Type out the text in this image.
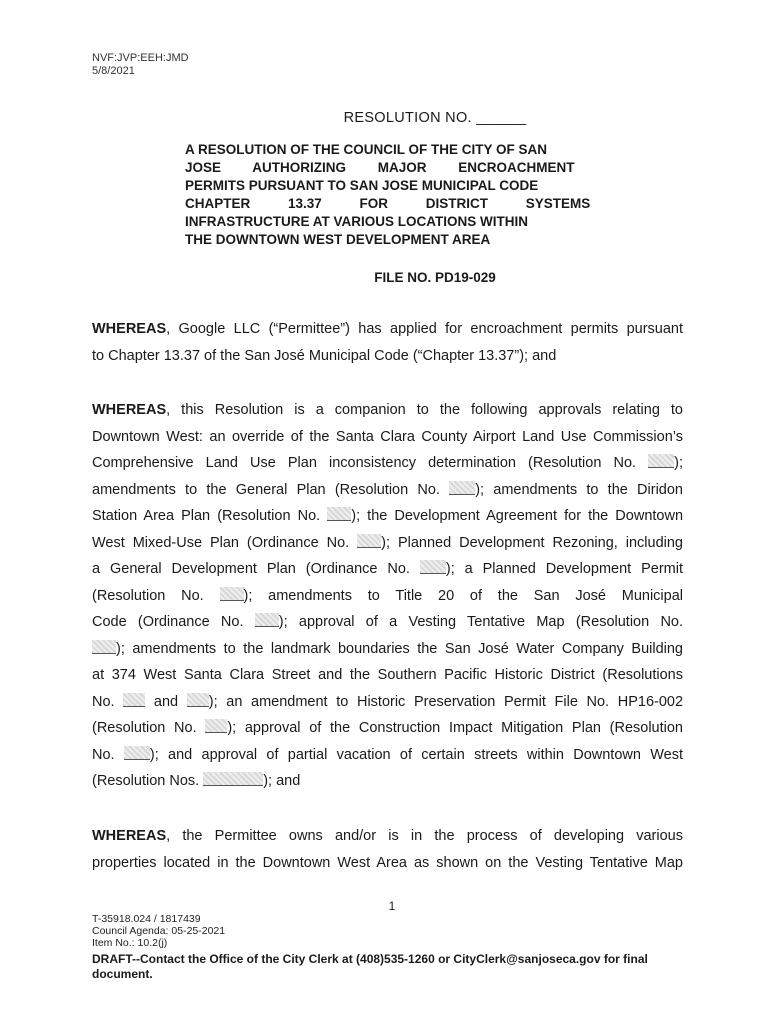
NVF:JVP:EEH:JMD
5/8/2021
RESOLUTION NO. ______
A RESOLUTION OF THE COUNCIL OF THE CITY OF SAN
JOSE AUTHORIZING MAJOR ENCROACHMENT
PERMITS PURSUANT TO SAN JOSE MUNICIPAL CODE
CHAPTER 13.37 FOR DISTRICT SYSTEMS
INFRASTRUCTURE AT VARIOUS LOCATIONS WITHIN
THE DOWNTOWN WEST DEVELOPMENT AREA
FILE NO. PD19-029
WHEREAS, Google LLC (“Permittee”) has applied for encroachment permits pursuant
to Chapter 13.37 of the San José Municipal Code (“Chapter 13.37”); and
WHEREAS, this Resolution is a companion to the following approvals relating to
Downtown West: an override of the Santa Clara County Airport Land Use Commission’s
Comprehensive Land Use Plan inconsistency determination (Resolution No.	);
amendments to the General Plan (Resolution No. ); amendments to the Diridon
Station Area Plan (Resolution No. ); the Development Agreement for the Downtown
West Mixed-Use Plan (Ordinance No. ); Planned Development Rezoning, including
a General Development Plan (Ordinance No. ); a Planned Development Permit
(Resolution No.	); amendments to Title 20 of the San José Municipal
Code (Ordinance No. ); approval of a Vesting Tentative Map (Resolution No.
); amendments to the landmark boundaries the San José Water Company Building
at 374 West Santa Clara Street and the Southern Pacific Historic District (Resolutions
No.	and ); an amendment to Historic Preservation Permit File No. HP16-002
(Resolution No. ); approval of the Construction Impact Mitigation Plan (Resolution
No. ); and approval of partial vacation of certain streets within Downtown West
(Resolution Nos.	); and
WHEREAS, the Permittee owns and/or is in the process of developing various
properties located in the Downtown West Area as shown on the Vesting Tentative Map
1
T-35918.024 / 1817439
Council Agenda: 05-25-2021
Item No.: 10.2(j)
DRAFT--Contact the Office of the City Clerk at (408)535-1260 or CityClerk@sanjoseca.gov for final document.
